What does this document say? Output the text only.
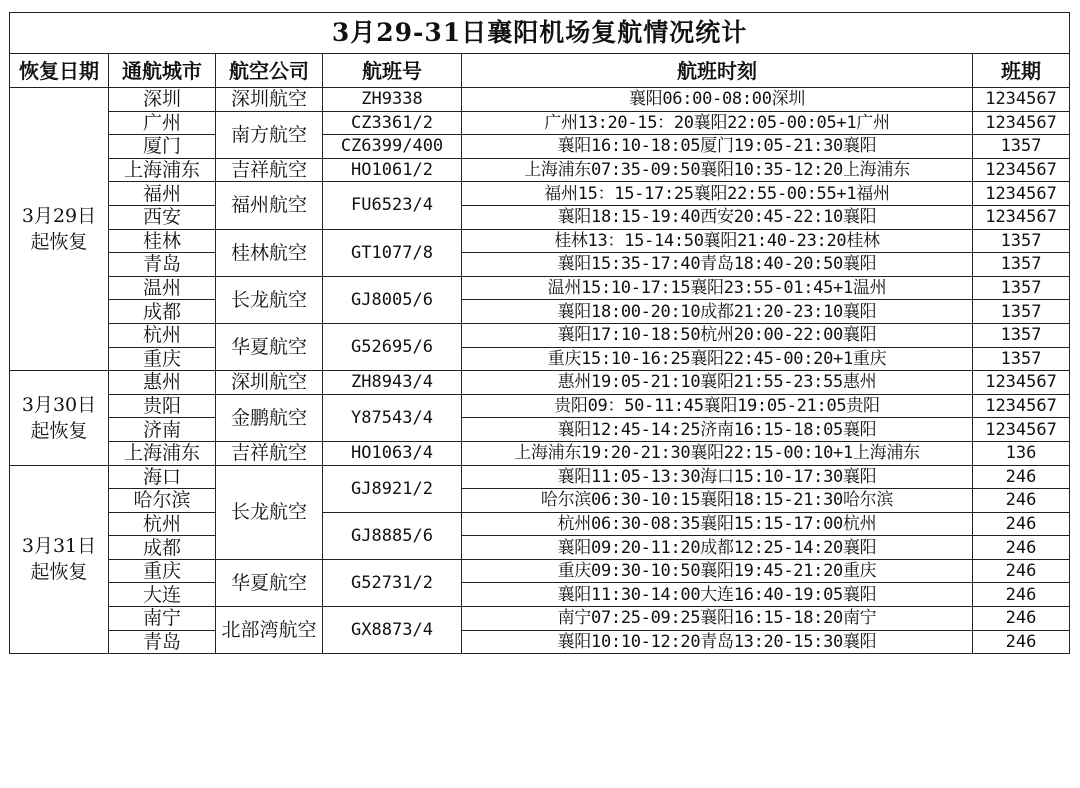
3月29-31日襄阳机场复航情况统计					
恢复日期	通航城市	航空公司	航班号	航班时刻	班期

3月29日
起恢复	深圳	深圳航空	ZH9338	襄阳06:00-08:00深圳	1234567
	广州	南方航空	CZ3361/2	广州13:20-15：20襄阳22:05-00:05+1广州	1234567
	厦门		CZ6399/400	襄阳16:10-18:05厦门19:05-21:30襄阳	1357
	上海浦东	吉祥航空	HO1061/2	上海浦东07:35-09:50襄阳10:35-12:20上海浦东	1234567
	福州	福州航空	FU6523/4	福州15：15-17:25襄阳22:55-00:55+1福州	1234567
	西安			襄阳18:15-19:40西安20:45-22:10襄阳	1234567
	桂林	桂林航空	GT1077/8	桂林13：15-14:50襄阳21:40-23:20桂林	1357
	青岛			襄阳15:35-17:40青岛18:40-20:50襄阳	1357
	温州	长龙航空	GJ8005/6	温州15:10-17:15襄阳23:55-01:45+1温州	1357
	成都			襄阳18:00-20:10成都21:20-23:10襄阳	1357
	杭州	华夏航空	G52695/6	襄阳17:10-18:50杭州20:00-22:00襄阳	1357
	重庆			重庆15:10-16:25襄阳22:45-00:20+1重庆	1357

3月30日
起恢复	惠州	深圳航空	ZH8943/4	惠州19:05-21:10襄阳21:55-23:55惠州	1234567
	贵阳	金鹏航空	Y87543/4	贵阳09：50-11:45襄阳19:05-21:05贵阳	1234567
	济南			襄阳12:45-14:25济南16:15-18:05襄阳	1234567
	上海浦东	吉祥航空	HO1063/4	上海浦东19:20-21:30襄阳22:15-00:10+1上海浦东	136

3月31日
起恢复	海口	长龙航空	GJ8921/2	襄阳11:05-13:30海口15:10-17:30襄阳	246
	哈尔滨			哈尔滨06:30-10:15襄阳18:15-21:30哈尔滨	246
	杭州		GJ8885/6	杭州06:30-08:35襄阳15:15-17:00杭州	246
	成都			襄阳09:20-11:20成都12:25-14:20襄阳	246
	重庆	华夏航空	G52731/2	重庆09:30-10:50襄阳19:45-21:20重庆	246
	大连			襄阳11:30-14:00大连16:40-19:05襄阳	246
	南宁	北部湾航空	GX8873/4	南宁07:25-09:25襄阳16:15-18:20南宁	246
	青岛			襄阳10:10-12:20青岛13:20-15:30襄阳	246
